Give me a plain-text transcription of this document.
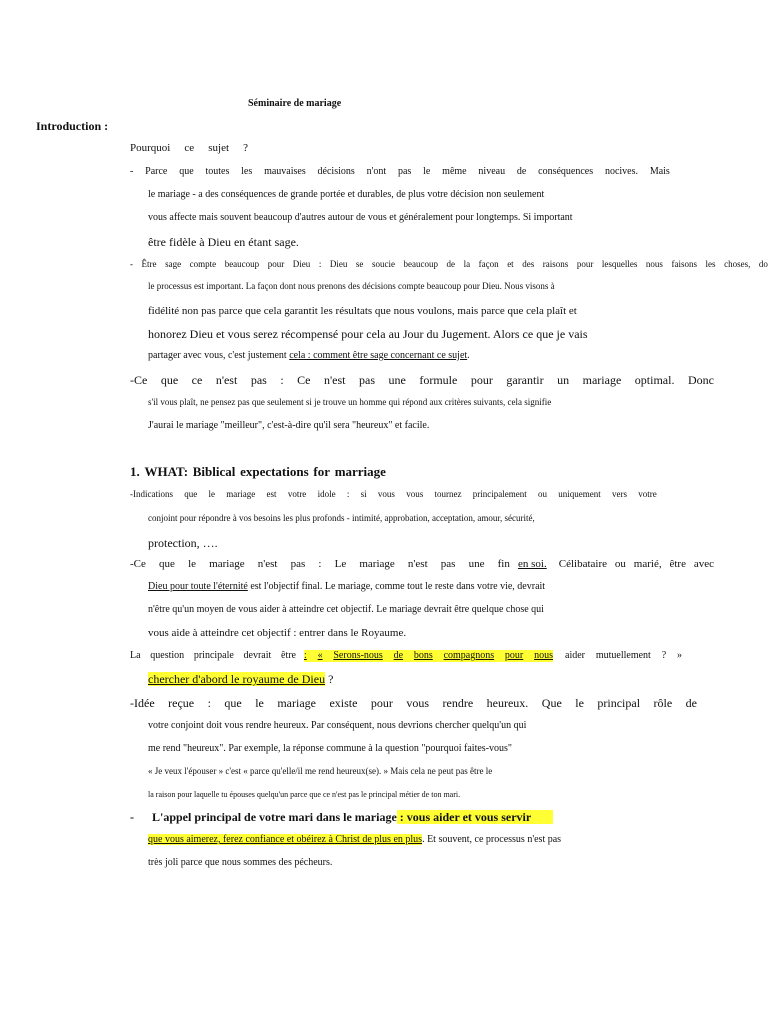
Séminaire de mariage
Introduction :
Pourquoi ce sujet ?
- Parce que toutes les mauvaises décisions n'ont pas le même niveau de conséquences nocives. Mais
le mariage - a des conséquences de grande portée et durables, de plus votre décision non seulement
vous affecte mais souvent beaucoup d'autres autour de vous et généralement pour longtemps. Si important
être fidèle à Dieu en étant sage.
- Être sage compte beaucoup pour Dieu : Dieu se soucie beaucoup de la façon et des raisons pour lesquelles nous faisons les choses, do
le processus est important. La façon dont nous prenons des décisions compte beaucoup pour Dieu. Nous visons à
fidélité non pas parce que cela garantit les résultats que nous voulons, mais parce que cela plaît et
honorez Dieu et vous serez récompensé pour cela au Jour du Jugement. Alors ce que je vais
partager avec vous, c'est justement cela : comment être sage concernant ce sujet.
-Ce que ce n'est pas : Ce n'est pas une formule pour garantir un mariage optimal. Donc
s'il vous plaît, ne pensez pas que seulement si je trouve un homme qui répond aux critères suivants, cela signifie
J'aurai le mariage "meilleur", c'est-à-dire qu'il sera "heureux" et facile.
1. WHAT: Biblical expectations for marriage
-Indications que le mariage est votre idole : si vous vous tournez principalement ou uniquement vers votre
conjoint pour répondre à vos besoins les plus profonds - intimité, approbation, acceptation, amour, sécurité,
protection, ….
-Ce que le mariage n'est pas : Le mariage n'est pas une fin en soi. Célibataire ou marié, être avec
Dieu pour toute l'éternité est l'objectif final. Le mariage, comme tout le reste dans votre vie, devrait
n'être qu'un moyen de vous aider à atteindre cet objectif. Le mariage devrait être quelque chose qui
vous aide à atteindre cet objectif : entrer dans le Royaume.
La question principale devrait être : « Serons-nous de bons compagnons pour nous aider mutuellement ? »
chercher d'abord le royaume de Dieu ?
-Idée reçue : que le mariage existe pour vous rendre heureux. Que le principal rôle de
votre conjoint doit vous rendre heureux. Par conséquent, nous devrions chercher quelqu'un qui
me rend "heureux". Par exemple, la réponse commune à la question "pourquoi faites-vous"
« Je veux l'épouser » c'est « parce qu'elle/il me rend heureux(se). » Mais cela ne peut pas être le
la raison pour laquelle tu épouses quelqu'un parce que ce n'est pas le principal métier de ton mari.
- L'appel principal de votre mari dans le mariage : vous aider et vous servir
que vous aimerez, ferez confiance et obéirez à Christ de plus en plus. Et souvent, ce processus n'est pas
très joli parce que nous sommes des pécheurs.
